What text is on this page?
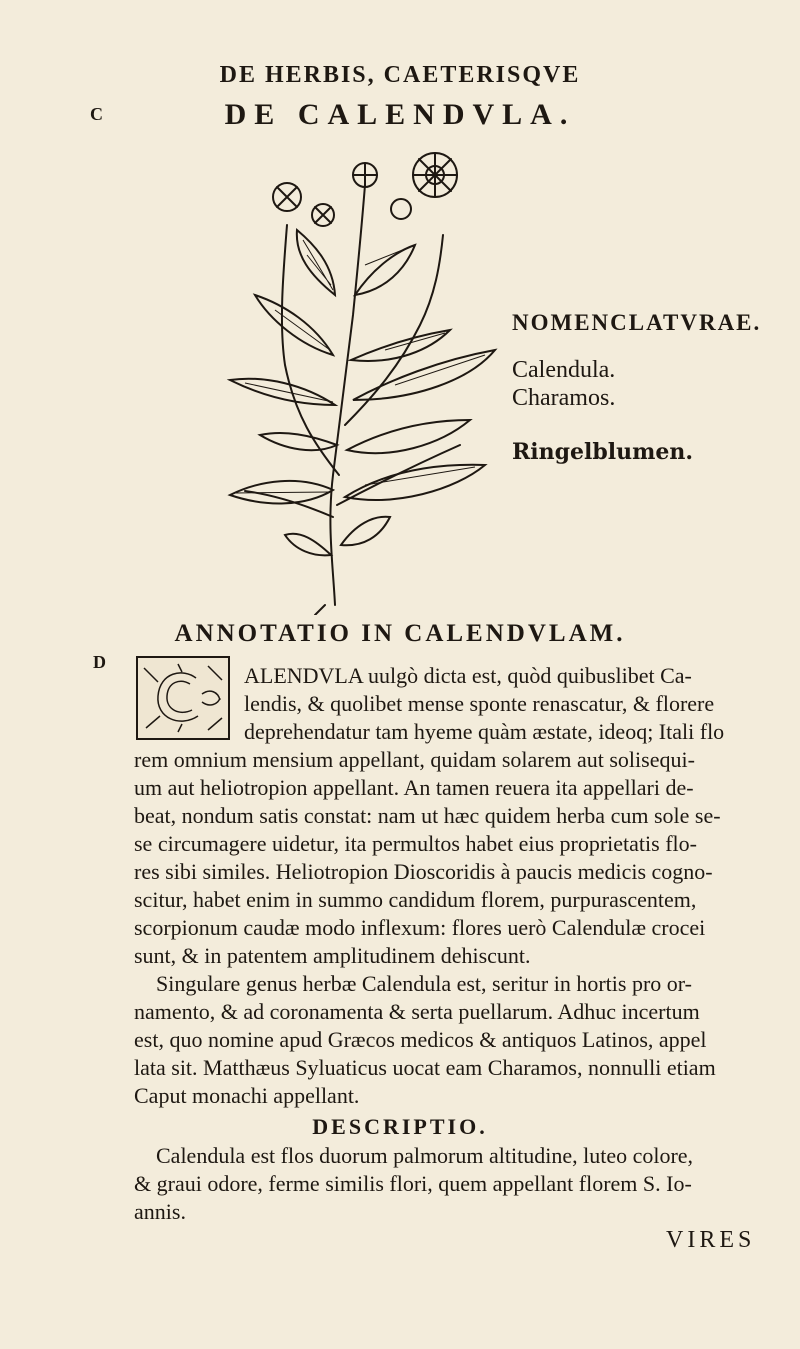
C
D
DE HERBIS, CAETERISQVE
DE CALENDVLA.
NOMENCLATVRAE.
Calendula.
Charamos.
Ringelblumen.
ANNOTATIO IN CALENDVLAM.
ALENDVLA uulgò dicta est, quòd quibuslibet Ca-
lendis, & quolibet mense sponte renascatur, & florere
deprehendatur tam hyeme quàm æstate, ideoq; Itali flo
rem omnium mensium appellant, quidam solarem aut solisequi-
um aut heliotropion appellant. An tamen reuera ita appellari de-
beat, nondum satis constat: nam ut hæc quidem herba cum sole se-
se circumagere uidetur, ita permultos habet eius proprietatis flo-
res sibi similes. Heliotropion Dioscoridis à paucis medicis cogno-
scitur, habet enim in summo candidum florem, purpurascentem,
scorpionum caudæ modo inflexum: flores uerò Calendulæ crocei
sunt, & in patentem amplitudinem dehiscunt.
Singulare genus herbæ Calendula est, seritur in hortis pro or-
namento, & ad coronamenta & serta puellarum. Adhuc incertum
est, quo nomine apud Græcos medicos & antiquos Latinos, appel
lata sit. Matthæus Syluaticus uocat eam Charamos, nonnulli etiam
Caput monachi appellant.
DESCRIPTIO.
Calendula est flos duorum palmorum altitudine, luteo colore,
& graui odore, ferme similis flori, quem appellant florem S. Io-
annis.
VIRES
